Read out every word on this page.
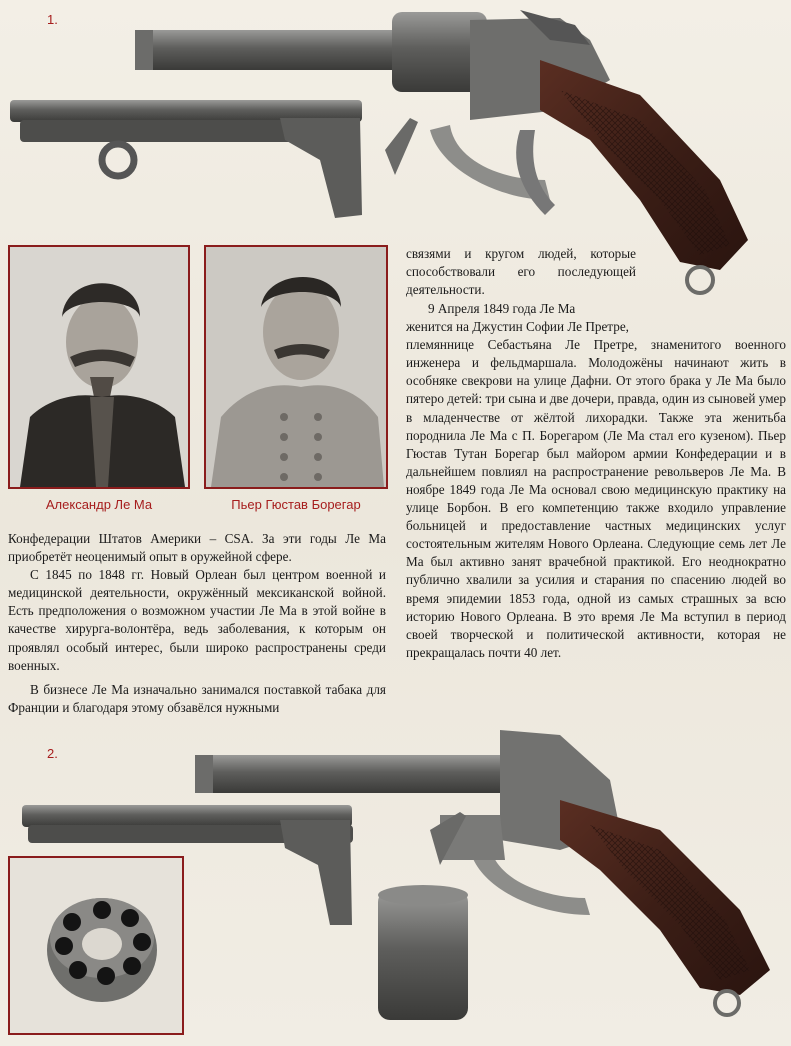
1.
Александр Ле Ма	Пьер Гюстав Борегар

связями и кругом людей, которые способствовали его последующей деятельности.

9 Апреля 1849 года Ле Ма

женится на Джустин Софии Ле Претре,

племяннице Себастьяна Ле Претре, знаменитого военного инженера и фельдмаршала. Молодожёны начинают жить в особняке свекрови на улице Дафни. От этого брака у Ле Ма было пятеро детей: три сына и две дочери, правда, один из сыновей умер в младенчестве от жёлтой лихорадки. Также эта женитьба породнила Ле Ма с П. Борегаром (Ле Ма стал его кузеном). Пьер Гюстав Тутан Борегар был майором армии Конфедерации и в дальнейшем повлиял на распространение револьверов Ле Ма. В ноябре 1849 года Ле Ма основал свою медицинскую практику на улице Борбон. В его компетенцию также входило управление больницей и предоставление частных медицинских услуг состоятельным жителям Нового Орлеана. Следующие семь лет Ле Ма был активно занят врачебной практикой. Его неоднократно публично хвалили за усилия и старания по спасению людей во время эпидемии 1853 года, одной из самых страшных за всю историю Нового Орлеана. В это время Ле Ма вступил в период своей творческой и политической активности, которая не прекращалась почти 40 лет.

Конфедерации Штатов Америки – CSA. За эти годы Ле Ма приобретёт неоценимый опыт в оружейной сфере.

С 1845 по 1848 гг. Новый Орлеан был центром военной и медицинской деятельности, окружённый мексиканской войной. Есть предположения о возможном участии Ле Ма в этой войне в качестве хирурга-волонтёра, ведь заболевания, к которым он проявлял особый интерес, были широко распространены среди военных.

В бизнесе Ле Ма изначально занимался поставкой табака для Франции и благодаря этому обзавёлся нужными

2.
